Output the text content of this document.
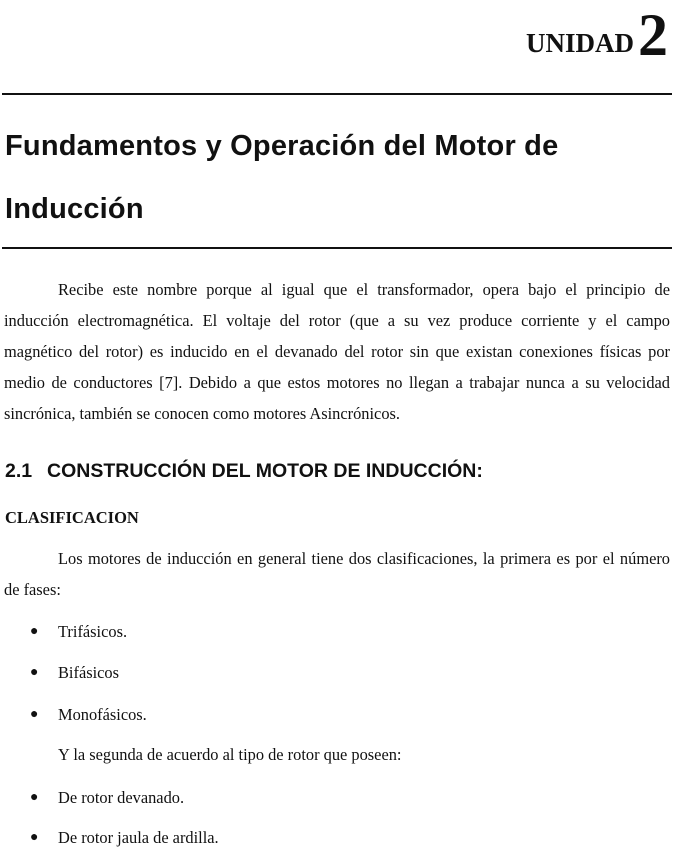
UNIDAD 2
Fundamentos y Operación del Motor de Inducción

Recibe este nombre porque al igual que el transformador, opera bajo el principio de inducción electromagnética. El voltaje del rotor (que a su vez produce corriente y el campo magnético del rotor) es inducido en el devanado del rotor sin que existan conexiones físicas por medio de conductores [7]. Debido a que estos motores no llegan a trabajar nunca a su velocidad sincrónica, también se conocen como motores Asincrónicos.

2.1 CONSTRUCCIÓN DEL MOTOR DE INDUCCIÓN:
CLASIFICACION

Los motores de inducción en general tiene dos clasificaciones, la primera es por el número de fases:

● Trifásicos.
● Bifásicos
● Monofásicos.

Y la segunda de acuerdo al tipo de rotor que poseen:

● De rotor devanado.
● De rotor jaula de ardilla.
